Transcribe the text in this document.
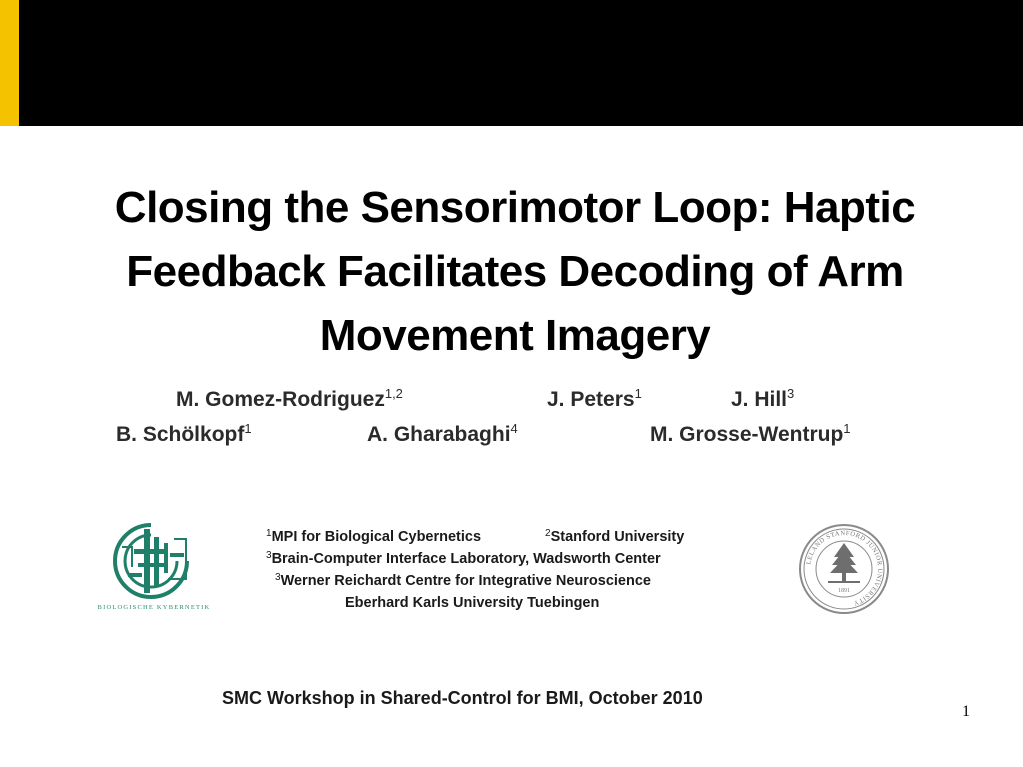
Closing the Sensorimotor Loop: Haptic
Feedback Facilitates Decoding of Arm
Movement Imagery
M. Gomez-Rodriguez$^{1,2}$	J. Peters$^1$	J. Hill$^3$
B. Schölkopf$^1$	A. Gharabaghi$^4$	M. Grosse-Wentrup$^1$
$^1$MPI for Biological Cybernetics	$^2$Stanford University
$^3$Brain-Computer Interface Laboratory, Wadsworth Center
$^3$Werner Reichardt Centre for Integrative Neuroscience
Eberhard Karls University Tuebingen
BIOLOGISCHE KYBERNETIK
LELAND STANFORD JUNIOR UNIVERSITY
1891
SMC Workshop in Shared-Control for BMI, October 2010
1
